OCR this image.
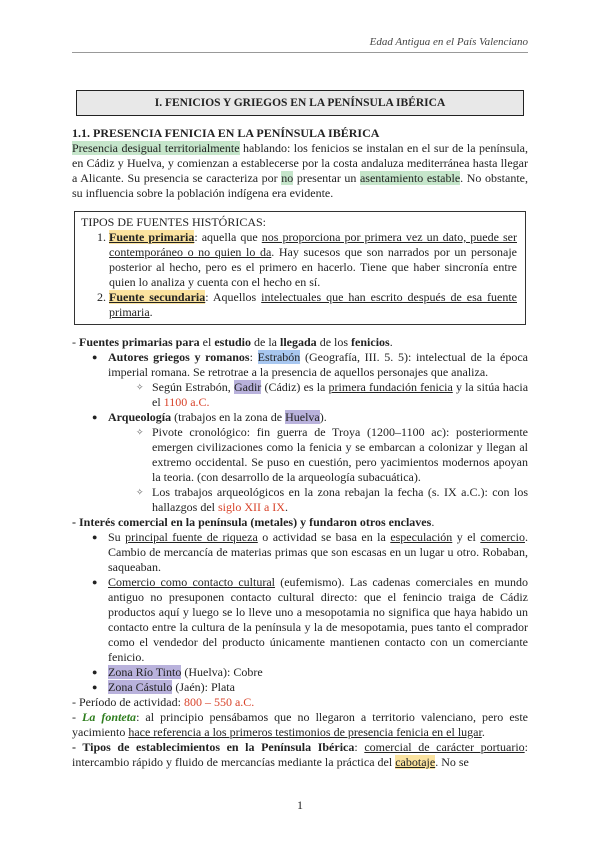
Edad Antigua en el País Valenciano
I. FENICIOS Y GRIEGOS EN LA PENÍNSULA IBÉRICA
1.1. PRESENCIA FENICIA EN LA PENÍNSULA IBÉRICA
Presencia desigual territorialmente hablando: los fenicios se instalan en el sur de la península, en Cádiz y Huelva, y comienzan a establecerse por la costa andaluza mediterránea hasta llegar a Alicante. Su presencia se caracteriza por no presentar un asentamiento estable. No obstante, su influencia sobre la población indígena era evidente.
TIPOS DE FUENTES HISTÓRICAS:
1. Fuente primaria: aquella que nos proporciona por primera vez un dato, puede ser contemporáneo o no quien lo da. Hay sucesos que son narrados por un personaje posterior al hecho, pero es el primero en hacerlo. Tiene que haber sincronía entre quien lo analiza y cuenta con el hecho en sí.
2. Fuente secundaria: Aquellos intelectuales que han escrito después de esa fuente primaria.
- Fuentes primarias para el estudio de la llegada de los fenicios.
● Autores griegos y romanos: Estrabón (Geografía, III. 5. 5): intelectual de la época imperial romana. Se retrotrae a la presencia de aquellos personajes que analiza.
✧ Según Estrabón, Gadir (Cádiz) es la primera fundación fenicia y la sitúa hacia el 1100 a.C.
● Arqueología (trabajos en la zona de Huelva).
✧ Pivote cronológico: fin guerra de Troya (1200–1100 ac): posteriormente emergen civilizaciones como la fenicia y se embarcan a colonizar y llegan al extremo occidental. Se puso en cuestión, pero yacimientos modernos apoyan la teoria. (con desarrollo de la arqueología subacuática).
✧ Los trabajos arqueológicos en la zona rebajan la fecha (s. IX a.C.): con los hallazgos del siglo XII a IX.
- Interés comercial en la península (metales) y fundaron otros enclaves.
● Su principal fuente de riqueza o actividad se basa en la especulación y el comercio. Cambio de mercancía de materias primas que son escasas en un lugar u otro. Robaban, saqueaban.
● Comercio como contacto cultural (eufemismo). Las cadenas comerciales en mundo antiguo no presuponen contacto cultural directo: que el fenincio traiga de Cádiz productos aquí y luego se lo lleve uno a mesopotamia no significa que haya habido un contacto entre la cultura de la península y la de mesopotamia, pues tanto el comprador como el vendedor del producto únicamente mantienen contacto con un comerciante fenicio.
● Zona Río Tinto (Huelva): Cobre
● Zona Cástulo (Jaén): Plata
- Período de actividad: 800 – 550 a.C.
- La fonteta: al principio pensábamos que no llegaron a territorio valenciano, pero este yacimiento hace referencia a los primeros testimonios de presencia fenicia en el lugar.
- Tipos de establecimientos en la Península Ibérica: comercial de carácter portuario: intercambio rápido y fluido de mercancías mediante la práctica del cabotaje. No se
1
